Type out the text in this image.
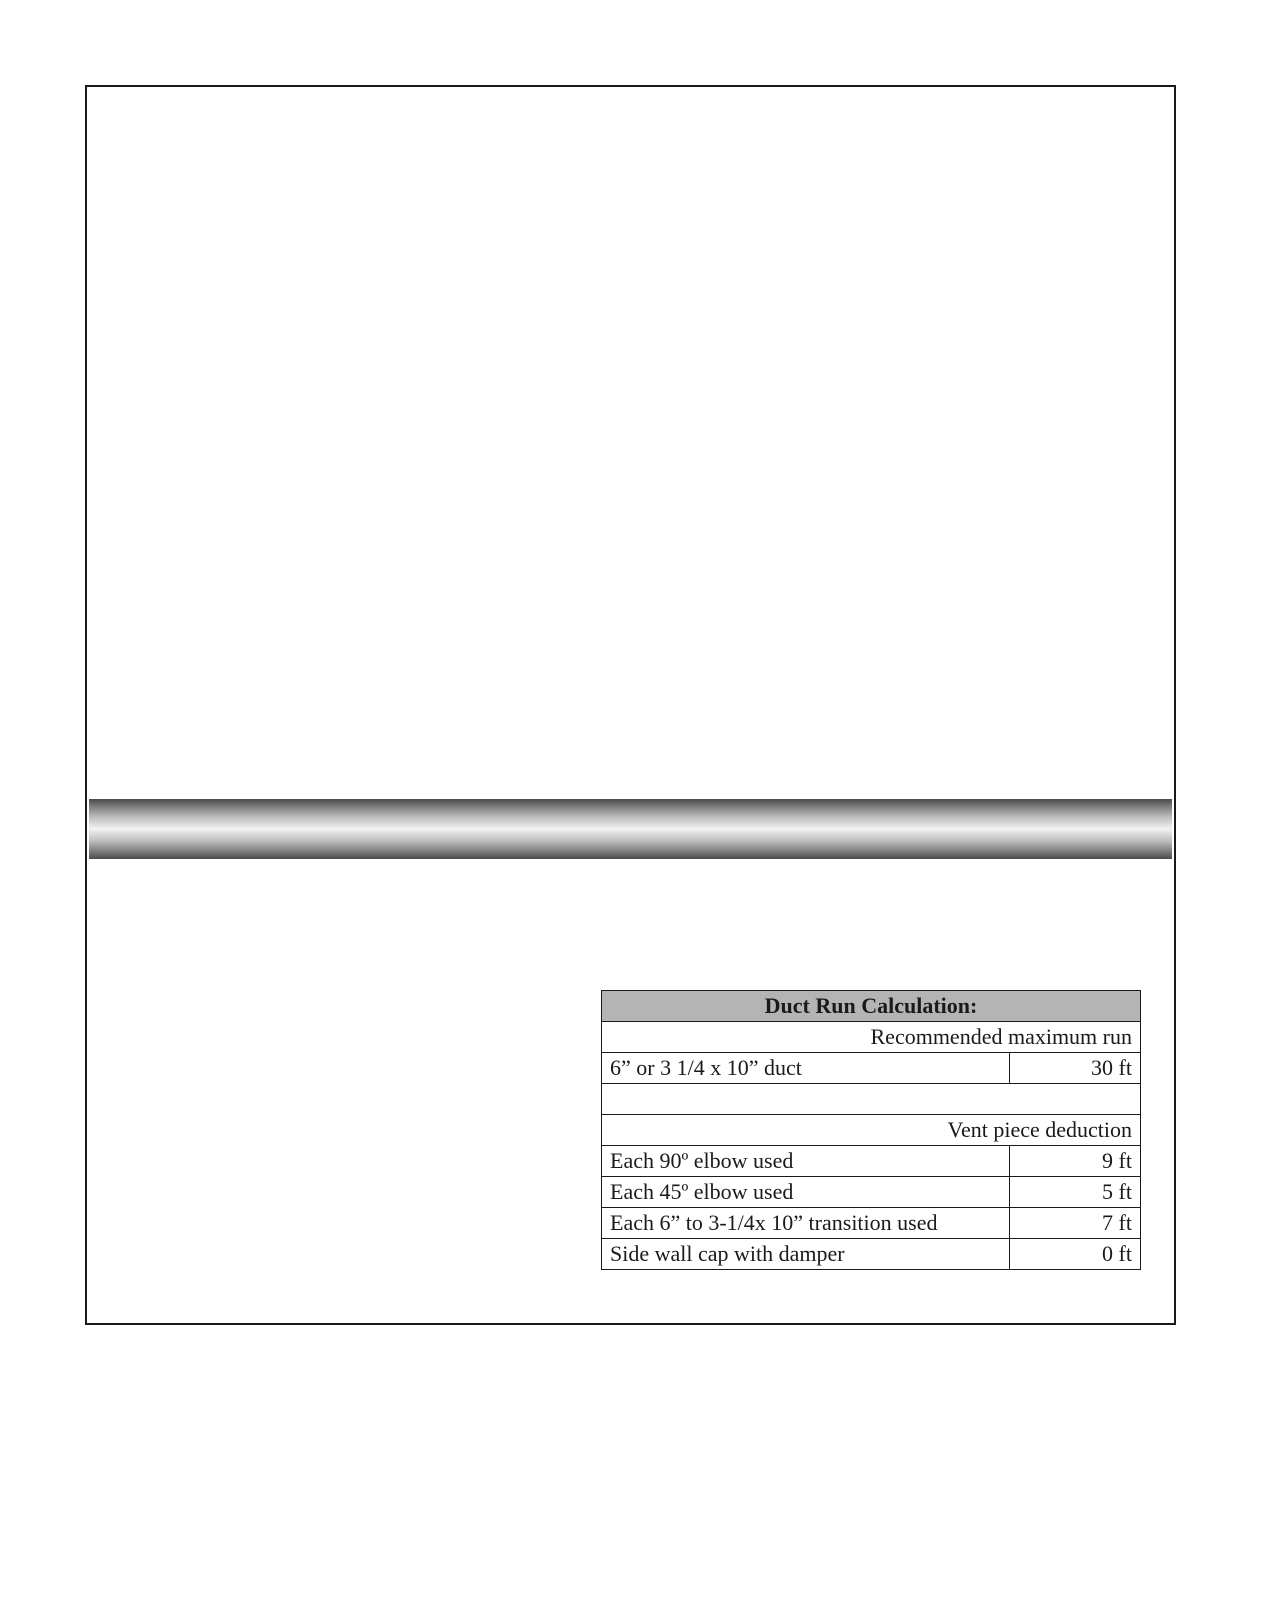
Duct Run Calculation:	
Recommended maximum run	
6” or 3 1/4 x 10” duct	30 ft

Vent piece deduction	
Each 90º elbow used	9 ft
Each 45º elbow used	5 ft
Each 6” to 3-1/4x 10” transition used	7 ft
Side wall cap with damper	0 ft
